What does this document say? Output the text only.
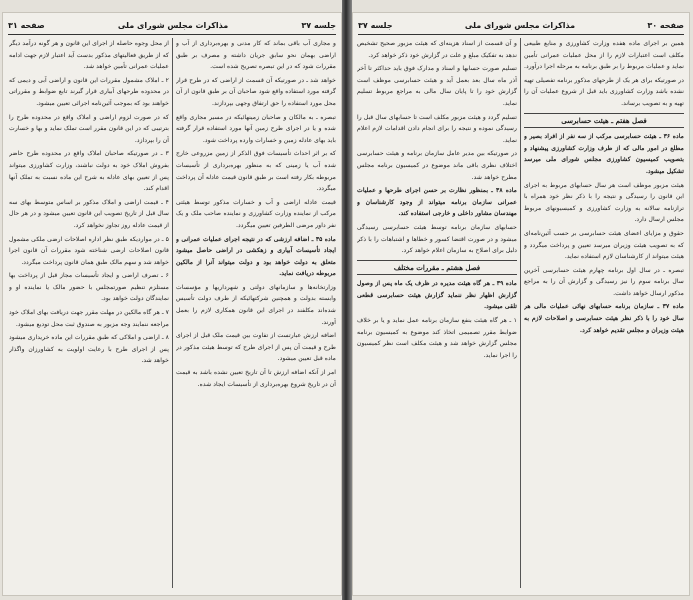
جلسه ۳۷
مذاکرات مجلس شورای ملی
صفحه ۳۱

و مجاری آب باقی بماند که کار مدنی و بهره‌برداری از آب و اراضی بهمان نحو سابق جریان داشته و مصرف بر طبق مقررات شود که در این تبصره تصریح شده است.

خواهد شد ـ در صورتیکه آن قسمت از اراضی که در طرح قرار گرفته مورد استفاده واقع شود صاحبان آن بر طبق قانون از آن محل مورد استفاده را حق ارتفاق وجهی بپردازند.

تبصره ـ به مالکان و صاحبان زمینهائیکه در مسیر مجاری واقع شده و یا در اجرای طرح زمین آنها مورد استفاده قرار گرفته باید بهای عادله زمین و خسارات وارده پرداخت شود.

که بر اثر احداث تأسیسات فوق الذکر از زمین مزروعی خارج شده آب یا زمینی که به منظور بهره‌برداری از تأسیسات مربوطه بکار رفته است بر طبق قانون قیمت عادله آن پرداخت میگردد.

قیمت عادله اراضی و آب و خسارات مذکور توسط هیئتی مرکب از نماینده وزارت کشاورزی و نماینده صاحب ملک و یک نفر داور مرضی الطرفین تعیین میگردد.

ماده ۳۵ ـ اضافه ارزشی که در نتیجه اجرای عملیات عمرانی و ایجاد تأسیسات آبیاری و زهکشی در اراضی حاصل میشود متعلق به دولت خواهد بود و دولت میتواند آنرا از مالکین مربوطه دریافت نماید.

وزارتخانه‌ها و سازمانهای دولتی و شهرداریها و مؤسسات وابسته بدولت و همچنین شرکتهائیکه از طرف دولت تأسیس شده‌اند مکلفند در اجرای این قانون همکاری لازم را بعمل آورند.

اضافه ارزش عبارتست از تفاوت بین قیمت ملک قبل از اجرای طرح و قیمت آن پس از اجرای طرح که توسط هیئت مذکور در ماده قبل تعیین میشود.

امر از آنکه اضافه ارزش تا آن تاریخ تعیین نشده باشد به قیمت آن در تاریخ شروع بهره‌برداری از تأسیسات ایجاد شده.

از محل وجوه حاصله از اجرای این قانون و هر گونه درآمد دیگر که از طریق فعالیتهای مذکور بدست آید اعتبار لازم جهت ادامه عملیات عمرانی تأمین خواهد شد.

۲ ـ املاک مشمول مقررات این قانون و اراضی آبی و دیمی که در محدوده طرحهای آبیاری قرار گیرند تابع ضوابط و مقرراتی خواهند بود که بموجب آئین‌نامه اجرائی تعیین میشود.

که در صورت لزوم اراضی و املاک واقع در محدوده طرح را بترتیبی که در این قانون مقرر است تملک نماید و بها و خسارت آن را بپردازد.

۳ ـ در صورتیکه صاحبان املاک واقع در محدوده طرح حاضر بفروش املاک خود به دولت نباشند، وزارت کشاورزی میتواند پس از تعیین بهای عادله به شرح این ماده نسبت به تملک آنها اقدام کند.

۴ ـ قیمت اراضی و املاک مذکور بر اساس متوسط بهای سه سال قبل از تاریخ تصویب این قانون تعیین میشود و در هر حال از قیمت عادله روز تجاوز نخواهد کرد.

۵ ـ در مواردیکه طبق نظر اداره اصلاحات ارضی ملکی مشمول قانون اصلاحات ارضی شناخته شود مقررات آن قانون اجرا خواهد شد و سهم مالک طبق همان قانون پرداخت میگردد.

۶ ـ تصرف اراضی و ایجاد تأسیسات مجاز قبل از پرداخت بها مستلزم تنظیم صورتمجلس با حضور مالک یا نماینده او و نمایندگان دولت خواهد بود.

۷ ـ هر گاه مالکین در مهلت مقرر جهت دریافت بهای املاک خود مراجعه ننمایند وجه مزبور به صندوق ثبت محل تودیع میشود.

۸ ـ اراضی و املاکی که طبق مقررات این ماده خریداری میشود پس از اجرای طرح با رعایت اولویت به کشاورزان واگذار خواهد شد.

صفحه ۳۰
مذاکرات مجلس شورای ملی
جلسه ۳۷

همین بر اجرای ماده هفده وزارت کشاورزی و منابع طبیعی مکلف است اعتبارات لازم را از محل عملیات عمرانی تأمین نماید و عملیات مربوط را بر طبق برنامه به مرحله اجرا درآورد.

در صورتیکه برای هر یک از طرحهای مذکور برنامه تفصیلی تهیه نشده باشد وزارت کشاورزی باید قبل از شروع عملیات آن را تهیه و به تصویب برساند.

فصل هفتم ـ هیئت حسابرسی

ماده ۳۶ ـ هیئت حسابرسی مرکب از سه نفر از افراد بصیر و مطلع در امور مالی که از طرف وزارت کشاورزی پیشنهاد و بتصویب کمیسیون کشاورزی مجلس شورای ملی میرسد تشکیل میشود.

هیئت مزبور موظف است هر سال حسابهای مربوط به اجرای این قانون را رسیدگی و نتیجه را با ذکر نظر خود همراه با ترازنامه سالانه به وزارت کشاورزی و کمیسیونهای مربوط مجلس ارسال دارد.

حقوق و مزایای اعضای هیئت حسابرسی بر حسب آئین‌نامه‌ای که به تصویب هیئت وزیران میرسد تعیین و پرداخت میگردد و هیئت میتواند از کارشناسان لازم استفاده نماید.

تبصره ـ در سال اول برنامه چهارم هیئت حسابرسی آخرین سال برنامه سوم را نیز رسیدگی و گزارش آن را به مراجع مذکور ارسال خواهد داشت.

ماده ۳۷ ـ سازمان برنامه حسابهای نهائی عملیات مالی هر سال خود را با ذکر نظر هیئت حسابرسی و اصلاحات لازم به هیئت وزیران و مجلس تقدیم خواهد کرد.

و آن قسمت از اسناد هزینه‌ای که هیئت مزبور صحیح تشخیص ندهد به تفکیک مبلغ و علت در گزارش خود ذکر خواهد کرد.

تسلیم صورت حسابها و اسناد و مدارک فوق باید حداکثر تا آخر آذر ماه سال بعد بعمل آید و هیئت حسابرسی موظف است گزارش خود را تا پایان سال مالی به مراجع مربوط تسلیم نماید.

تسلیم گردد و هیئت مزبور مکلف است تا حسابهای سال قبل را رسیدگی نموده و نتیجه را برای انجام دادن اقدامات لازم اعلام نماید.

در صورتیکه بین مدیر عامل سازمان برنامه و هیئت حسابرسی اختلاف نظری باقی ماند موضوع در کمیسیون برنامه مجلس مطرح خواهد شد.

ماده ۳۸ ـ بمنظور نظارت بر حسن اجرای طرحها و عملیات عمرانی سازمان برنامه میتواند از وجود کارشناسان و مهندسان مشاور داخلی و خارجی استفاده کند.

حسابهای سازمان برنامه توسط هیئت حسابرسی رسیدگی میشود و در صورت اقتضا کسور و خطاها و اشتباهات را با ذکر دلیل برای اصلاح به سازمان اعلام خواهد کرد.

فصل هشتم ـ مقررات مختلف

ماده ۳۹ ـ هر گاه هیئت مدیره در ظرف یک ماه پس از وصول گزارش اظهار نظر ننماید گزارش هیئت حسابرسی قطعی تلقی میشود.

۱ ـ هر گاه هیئت بنفع سازمان برنامه عمل نماید و یا بر خلاف ضوابط مقرر تصمیمی اتخاذ کند موضوع به کمیسیون برنامه مجلس گزارش خواهد شد و هیئت مکلف است نظر کمیسیون را اجرا نماید.
